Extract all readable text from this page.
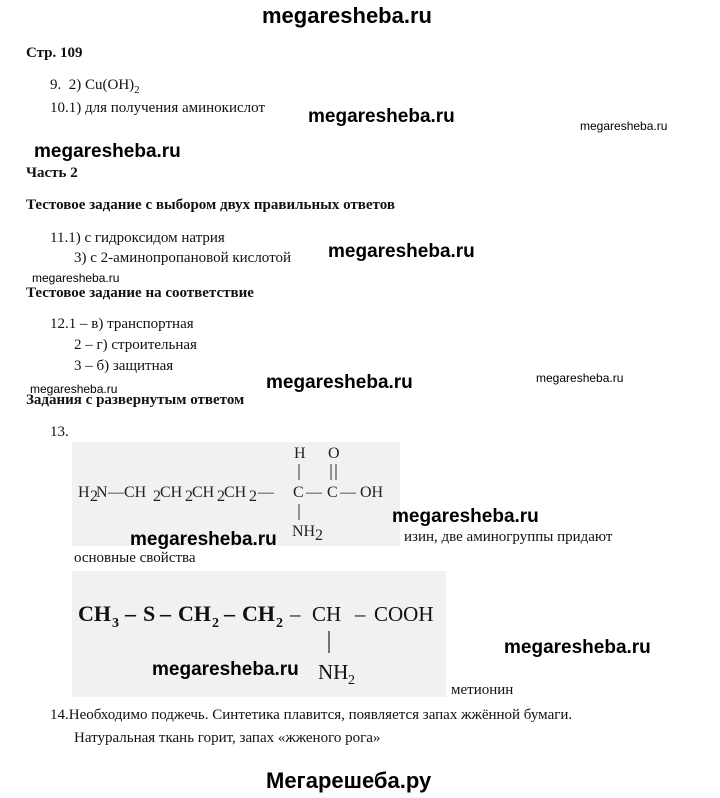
megaresheba.ru
megaresheba.ru	megaresheba.ru
megaresheba.ru
megaresheba.ru
megaresheba.ru
megaresheba.ru	megaresheba.ru
megaresheba.ru
Стр. 109
9. 2) $Cu(OH)_2$
10.1) для получения аминокислот
Часть 2
Тестовое задание с выбором двух правильных ответов
11.1) с гидроксидом натрия
3) с 2-аминопропановой кислотой
Тестовое задание на соответствие
12.1 – в) транспортная
2 – г) строительная
3 – б) защитная
Задания с развернутым ответом
13.
H O
H 2
N —CH 2 CH 2 CH 2 CH 2 — C — C — OH
NH 2
megaresheba.ru
megaresheba.ru	изин, две аминогруппы придают
основные свойства
CH 3 – S – CH 2 – CH 2 – CH – COOH
NH 2
megaresheba.ru
megaresheba.ru
метионин
14.Необходимо поджечь. Синтетика плавится, появляется запах жжённой бумаги.
Натуральная ткань горит, запах «жженого рога»
Мегарешеба.ру
